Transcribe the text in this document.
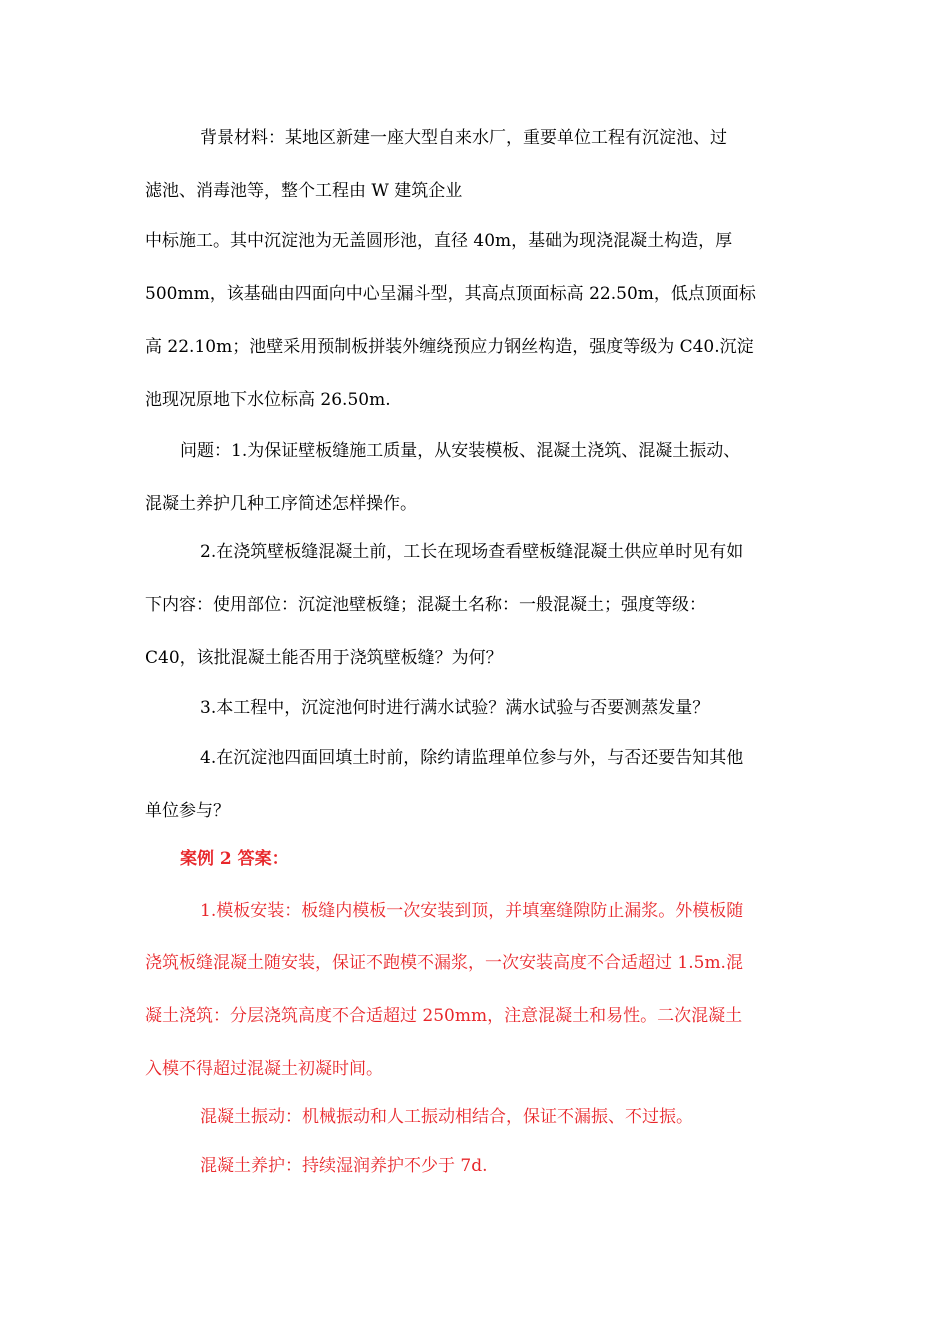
背景材料：某地区新建一座大型自来水厂，重要单位工程有沉淀池、过
滤池、消毒池等，整个工程由 W 建筑企业
中标施工。其中沉淀池为无盖圆形池，直径 40m，基础为现浇混凝土构造，厚
500mm，该基础由四面向中心呈漏斗型，其高点顶面标高 22.50m，低点顶面标
高 22.10m；池壁采用预制板拼装外缠绕预应力钢丝构造，强度等级为 C40.沉淀
池现况原地下水位标高 26.50m.
问题：1.为保证壁板缝施工质量，从安装模板、混凝土浇筑、混凝土振动、
混凝土养护几种工序简述怎样操作。
2.在浇筑壁板缝混凝土前，工长在现场查看壁板缝混凝土供应单时见有如
下内容：使用部位：沉淀池壁板缝；混凝土名称：一般混凝土；强度等级：
C40，该批混凝土能否用于浇筑壁板缝？为何？
3.本工程中，沉淀池何时进行满水试验？满水试验与否要测蒸发量？
4.在沉淀池四面回填土时前，除约请监理单位参与外，与否还要告知其他
单位参与？
案例 2 答案：
1.模板安装：板缝内模板一次安装到顶，并填塞缝隙防止漏浆。外模板随
浇筑板缝混凝土随安装，保证不跑模不漏浆，一次安装高度不合适超过 1.5m.混
凝土浇筑：分层浇筑高度不合适超过 250mm，注意混凝土和易性。二次混凝土
入模不得超过混凝土初凝时间。
混凝土振动：机械振动和人工振动相结合，保证不漏振、不过振。
混凝土养护：持续湿润养护不少于 7d.
